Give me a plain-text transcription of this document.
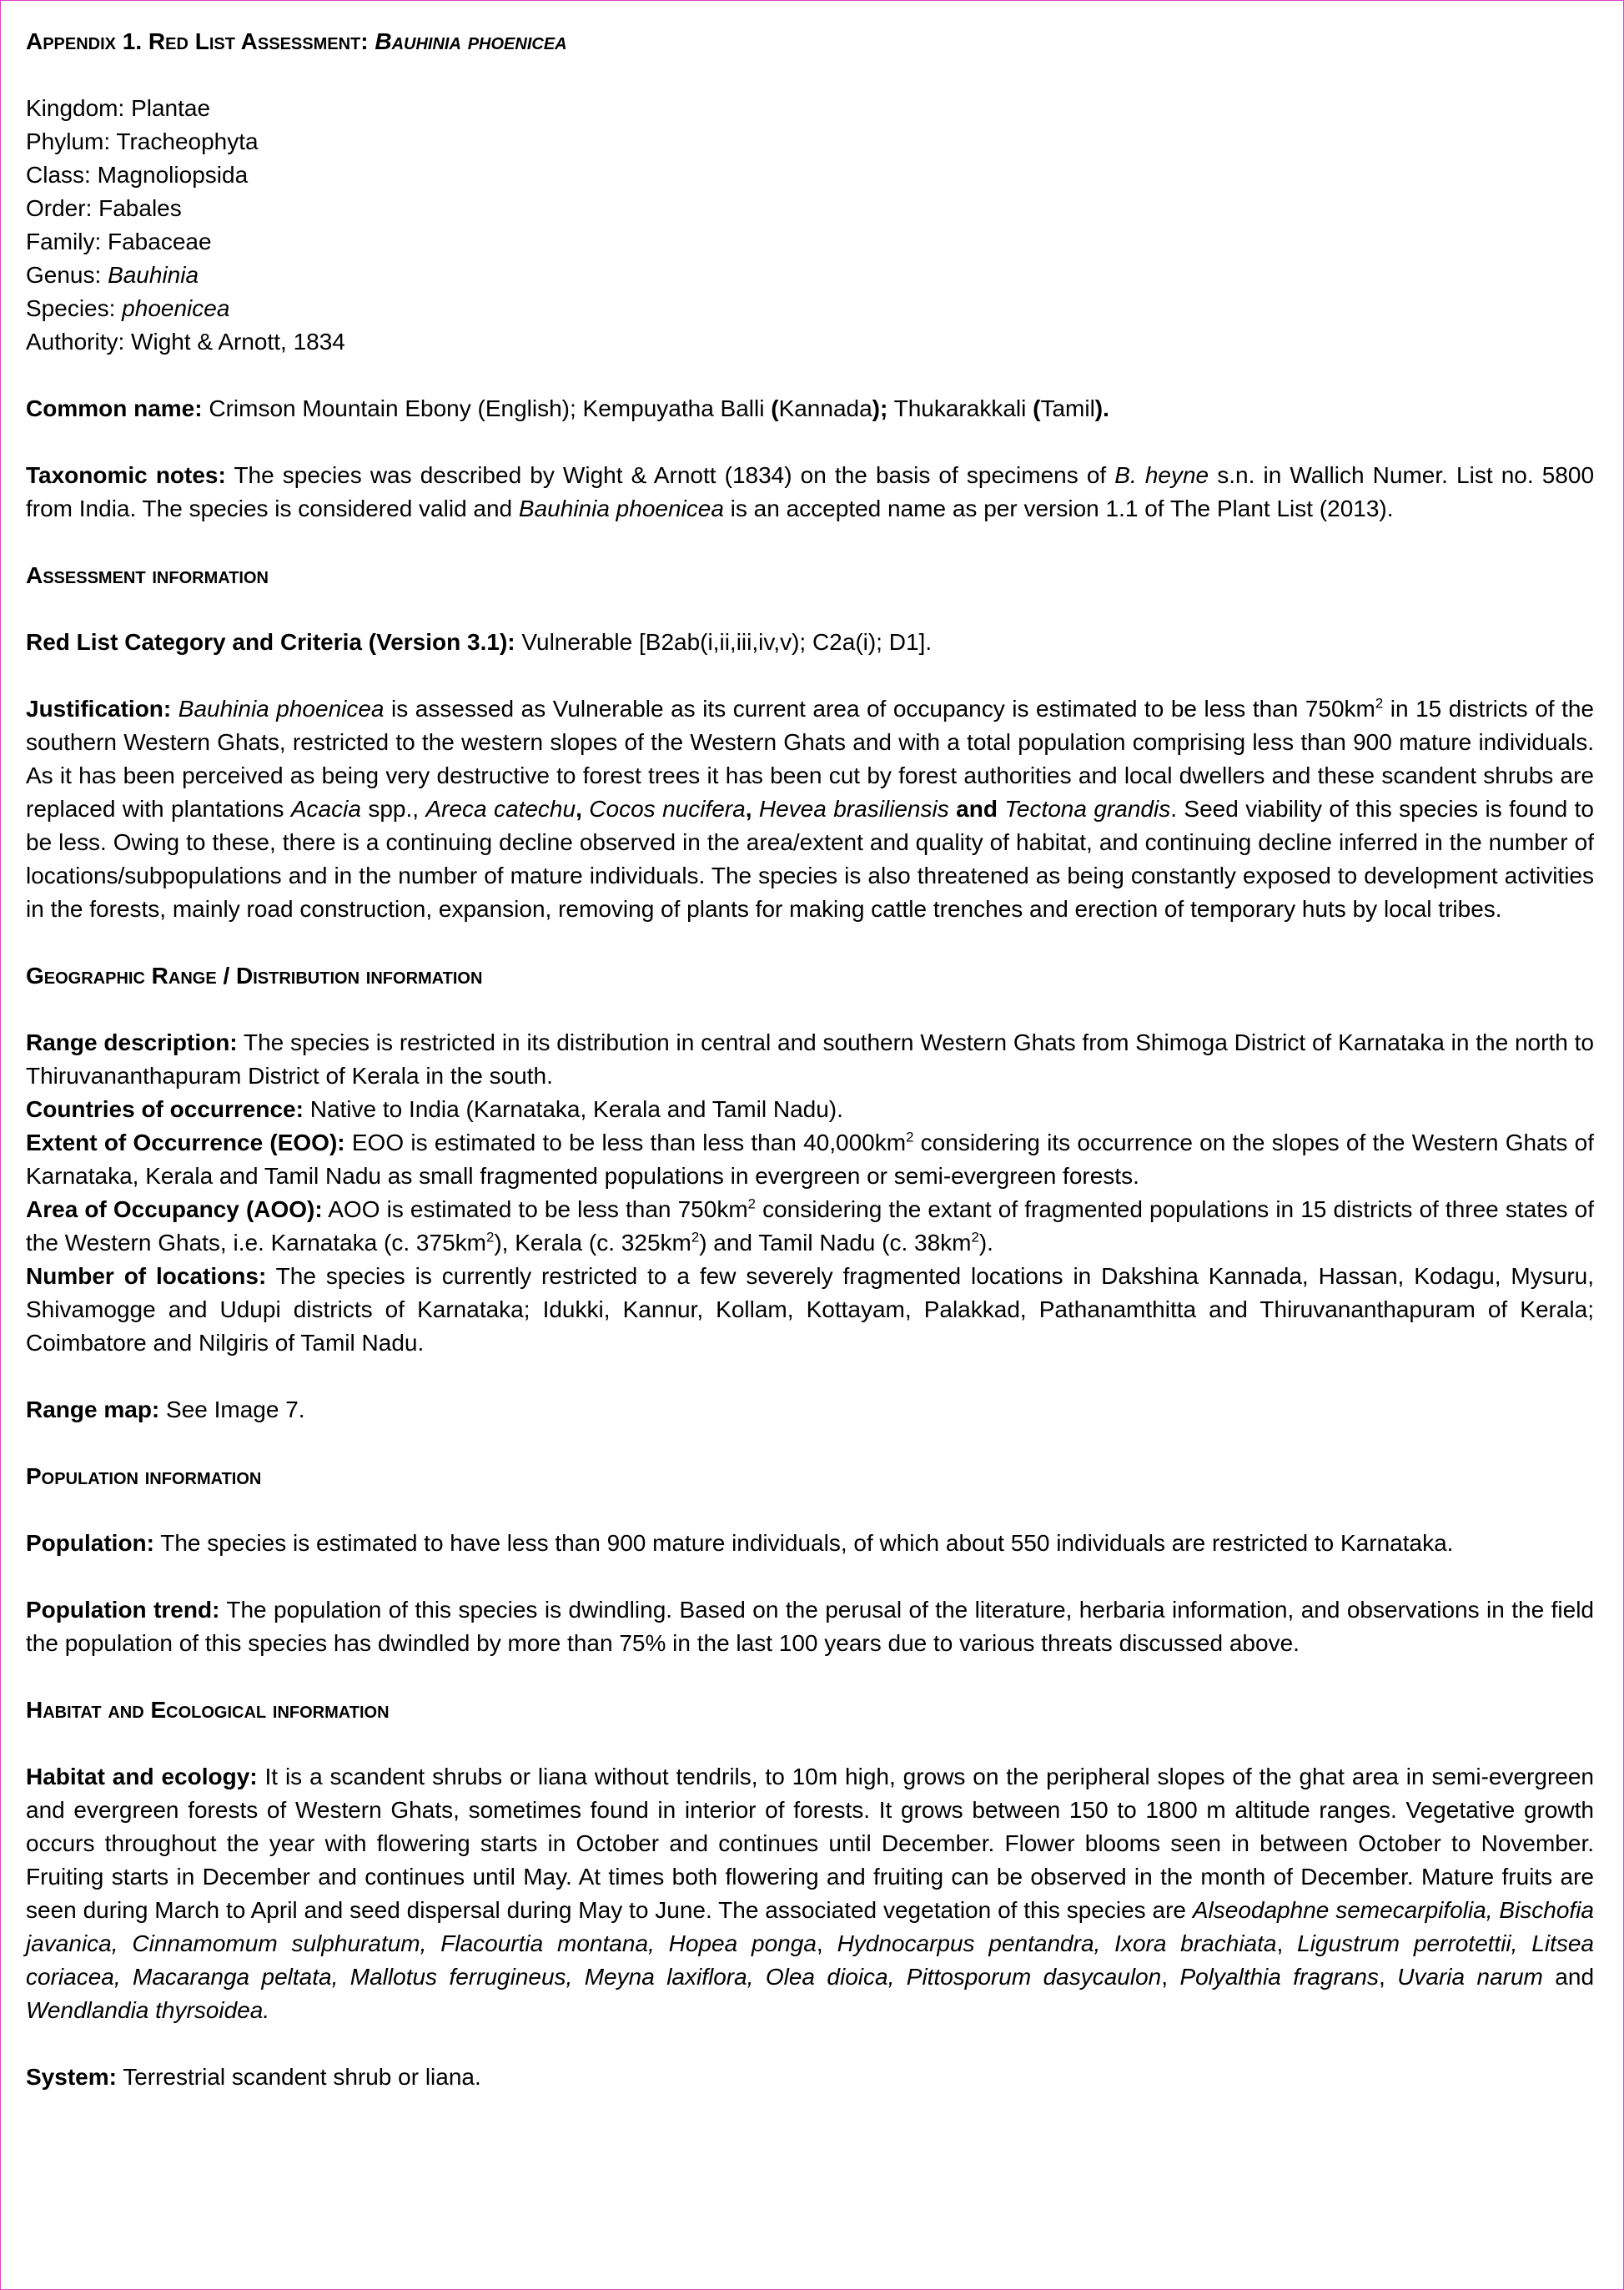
Appendix 1. Red List Assessment: Bauhinia phoenicea

Kingdom: Plantae

Phylum: Tracheophyta

Class: Magnoliopsida

Order: Fabales

Family: Fabaceae

Genus: Bauhinia

Species: phoenicea

Authority: Wight & Arnott, 1834

Common name: Crimson Mountain Ebony (English); Kempuyatha Balli (Kannada); Thukarakkali (Tamil).

Taxonomic notes: The species was described by Wight & Arnott (1834) on the basis of specimens of B. heyne s.n. in Wallich Numer. List no. 5800 from India. The species is considered valid and Bauhinia phoenicea is an accepted name as per version 1.1 of The Plant List (2013).

Assessment information

Red List Category and Criteria (Version 3.1): Vulnerable [B2ab(i,ii,iii,iv,v); C2a(i); D1].

Justification: Bauhinia phoenicea is assessed as Vulnerable as its current area of occupancy is estimated to be less than $750km^2$ in 15 districts of the southern Western Ghats, restricted to the western slopes of the Western Ghats and with a total population comprising less than 900 mature individuals. As it has been perceived as being very destructive to forest trees it has been cut by forest authorities and local dwellers and these scandent shrubs are replaced with plantations Acacia spp., Areca catechu, Cocos nucifera, Hevea brasiliensis and Tectona grandis. Seed viability of this species is found to be less. Owing to these, there is a continuing decline observed in the area/extent and quality of habitat, and continuing decline inferred in the number of locations/subpopulations and in the number of mature individuals. The species is also threatened as being constantly exposed to development activities in the forests, mainly road construction, expansion, removing of plants for making cattle trenches and erection of temporary huts by local tribes.

Geographic Range / Distribution information

Range description: The species is restricted in its distribution in central and southern Western Ghats from Shimoga District of Karnataka in the north to Thiruvananthapuram District of Kerala in the south.

Countries of occurrence: Native to India (Karnataka, Kerala and Tamil Nadu).

Extent of Occurrence (EOO): EOO is estimated to be less than less than $40,000km^2$ considering its occurrence on the slopes of the Western Ghats of Karnataka, Kerala and Tamil Nadu as small fragmented populations in evergreen or semi-evergreen forests.

Area of Occupancy (AOO): AOO is estimated to be less than $750km^2$ considering the extant of fragmented populations in 15 districts of three states of the Western Ghats, i.e. Karnataka (c. $375km^2$), Kerala (c. $325km^2$) and Tamil Nadu (c. $38km^2$).

Number of locations: The species is currently restricted to a few severely fragmented locations in Dakshina Kannada, Hassan, Kodagu, Mysuru, Shivamogge and Udupi districts of Karnataka; Idukki, Kannur, Kollam, Kottayam, Palakkad, Pathanamthitta and Thiruvananthapuram of Kerala; Coimbatore and Nilgiris of Tamil Nadu.

Range map: See Image 7.

Population information

Population: The species is estimated to have less than 900 mature individuals, of which about 550 individuals are restricted to Karnataka.

Population trend: The population of this species is dwindling. Based on the perusal of the literature, herbaria information, and observations in the field the population of this species has dwindled by more than 75% in the last 100 years due to various threats discussed above.

Habitat and Ecological information

Habitat and ecology: It is a scandent shrubs or liana without tendrils, to 10m high, grows on the peripheral slopes of the ghat area in semi-evergreen and evergreen forests of Western Ghats, sometimes found in interior of forests. It grows between 150 to 1800 m altitude ranges. Vegetative growth occurs throughout the year with flowering starts in October and continues until December. Flower blooms seen in between October to November. Fruiting starts in December and continues until May. At times both flowering and fruiting can be observed in the month of December. Mature fruits are seen during March to April and seed dispersal during May to June. The associated vegetation of this species are Alseodaphne semecarpifolia, Bischofia javanica, Cinnamomum sulphuratum, Flacourtia montana, Hopea ponga, Hydnocarpus pentandra, Ixora brachiata, Ligustrum perrotettii, Litsea coriacea, Macaranga peltata, Mallotus ferrugineus, Meyna laxiflora, Olea dioica, Pittosporum dasycaulon, Polyalthia fragrans, Uvaria narum and Wendlandia thyrsoidea.

System: Terrestrial scandent shrub or liana.
